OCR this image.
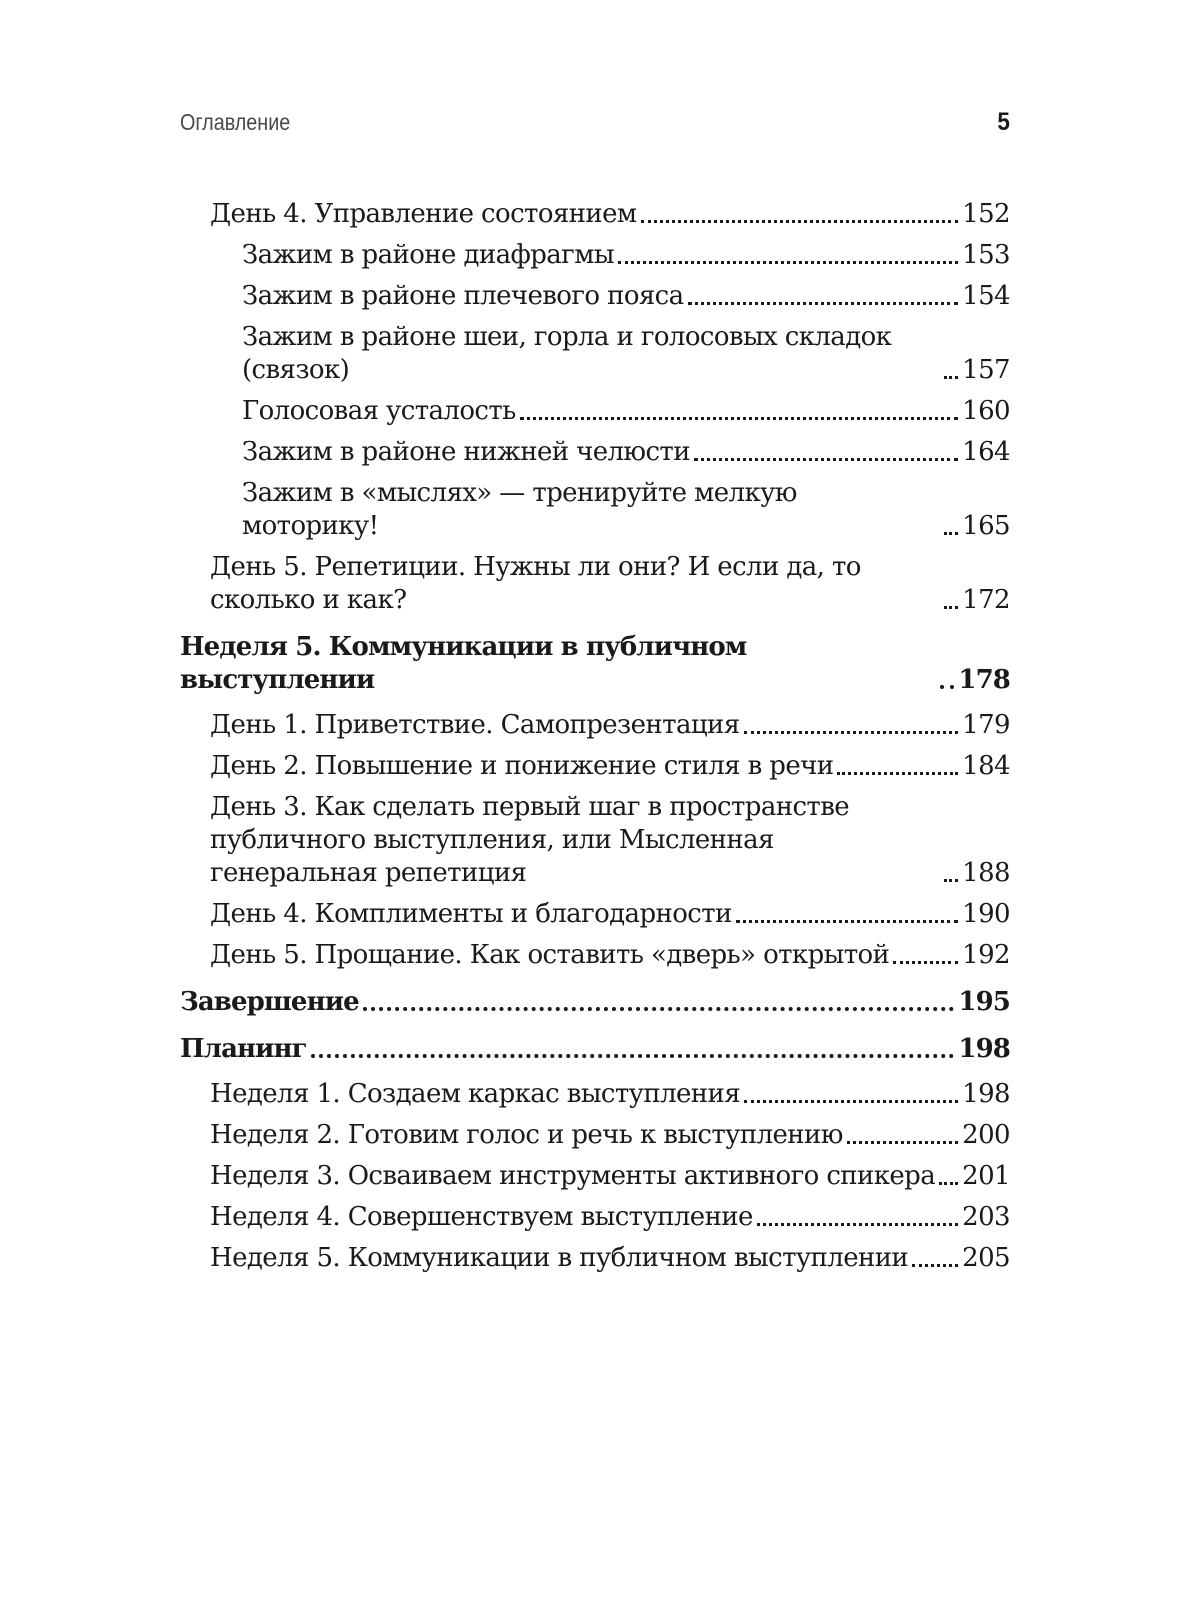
Оглавление	5
День 4. Управление состоянием	152
Зажим в районе диафрагмы	153
Зажим в районе плечевого пояса	154
Зажим в районе шеи, горла и голосовых складок (связок)	157
Голосовая усталость	160
Зажим в районе нижней челюсти	164
Зажим в «мыслях» — тренируйте мелкую моторику!	165
День 5. Репетиции. Нужны ли они? И если да, то сколько и как?	172
Неделя 5. Коммуникации в публичном выступлении	178
День 1. Приветствие. Самопрезентация	179
День 2. Повышение и понижение стиля в речи	184
День 3. Как сделать первый шаг в пространстве публичного выступления, или Мысленная генеральная репетиция	188
День 4. Комплименты и благодарности	190
День 5. Прощание. Как оставить «дверь» открытой	192
Завершение	195
Планинг	198
Неделя 1. Создаем каркас выступления	198
Неделя 2. Готовим голос и речь к выступлению	200
Неделя 3. Осваиваем инструменты активного спикера 201
Неделя 4. Совершенствуем выступление	203
Неделя 5. Коммуникации в публичном выступлении 205
